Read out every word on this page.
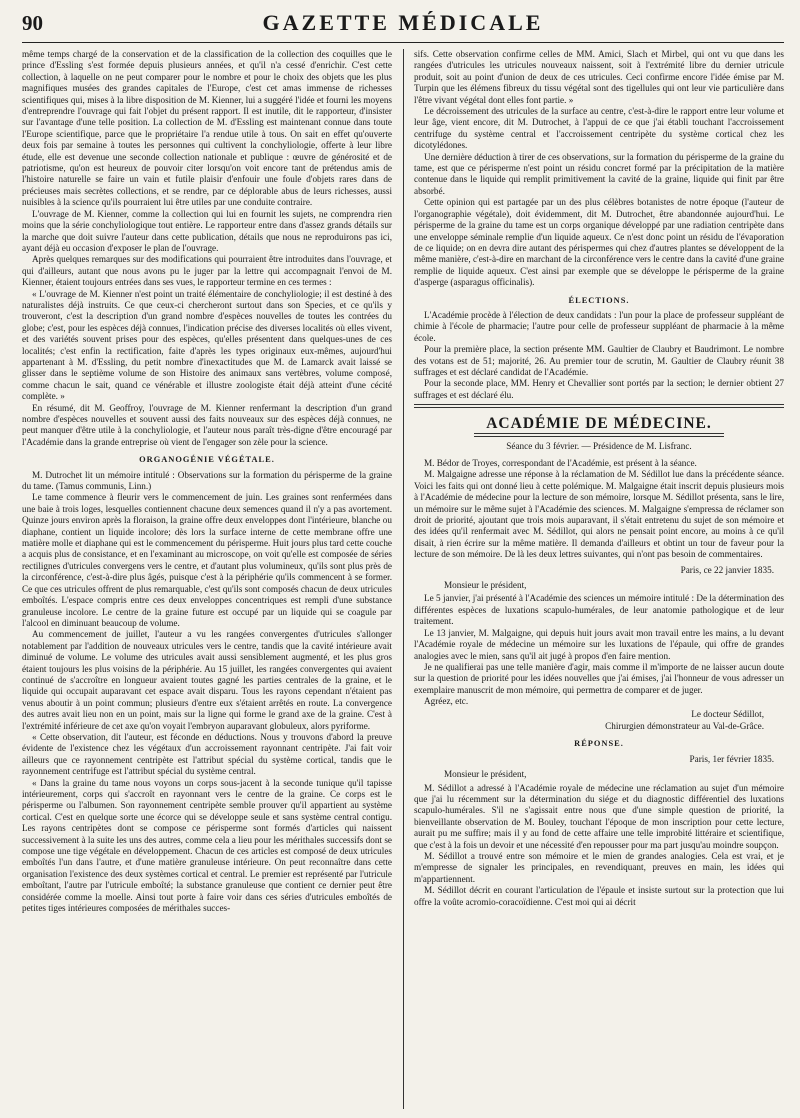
90	GAZETTE MÉDICALE

même temps chargé de la conservation et de la classification de la collection des coquilles que le prince d'Essling s'est formée depuis plusieurs années, et qu'il n'a cessé d'enrichir. C'est cette collection, à laquelle on ne peut comparer pour le nombre et pour le choix des objets que les plus magnifiques musées des grandes capitales de l'Europe, c'est cet amas immense de richesses scientifiques qui, mises à la libre disposition de M. Kienner, lui a suggéré l'idée et fourni les moyens d'entreprendre l'ouvrage qui fait l'objet du présent rapport. Il est inutile, dit le rapporteur, d'insister sur l'avantage d'une telle position. La collection de M. d'Essling est maintenant connue dans toute l'Europe scientifique, parce que le propriétaire l'a rendue utile à tous. On sait en effet qu'ouverte deux fois par semaine à toutes les personnes qui cultivent la conchyliologie, offerte à leur libre étude, elle est devenue une seconde collection nationale et publique : œuvre de générosité et de patriotisme, qu'on est heureux de pouvoir citer lorsqu'on voit encore tant de prétendus amis de l'histoire naturelle se faire un vain et futile plaisir d'enfouir une foule d'objets rares dans de précieuses mais secrètes collections, et se rendre, par ce déplorable abus de leurs richesses, aussi nuisibles à la science qu'ils pourraient lui être utiles par une conduite contraire.

L'ouvrage de M. Kienner, comme la collection qui lui en fournit les sujets, ne comprendra rien moins que la série conchyliologique tout entière. Le rapporteur entre dans d'assez grands détails sur la marche que doit suivre l'auteur dans cette publication, détails que nous ne reproduirons pas ici, ayant déjà eu occasion d'exposer le plan de l'ouvrage.

Après quelques remarques sur des modifications qui pourraient être introduites dans l'ouvrage, et qui d'ailleurs, autant que nous avons pu le juger par la lettre qui accompagnait l'envoi de M. Kienner, étaient toujours entrées dans ses vues, le rapporteur termine en ces termes :

« L'ouvrage de M. Kienner n'est point un traité élémentaire de conchyliologie; il est destiné à des naturalistes déjà instruits. Ce que ceux-ci chercheront surtout dans son Species, et ce qu'ils y trouveront, c'est la description d'un grand nombre d'espèces nouvelles de toutes les contrées du globe; c'est, pour les espèces déjà connues, l'indication précise des diverses localités où elles vivent, et des variétés souvent prises pour des espèces, qu'elles présentent dans quelques-unes de ces localités; c'est enfin la rectification, faite d'après les types originaux eux-mêmes, aujourd'hui appartenant à M. d'Essling, du petit nombre d'inexactitudes que M. de Lamarck avait laissé se glisser dans le septième volume de son Histoire des animaux sans vertèbres, volume composé, comme chacun le sait, quand ce vénérable et illustre zoologiste était déjà atteint d'une cécité complète. »

En résumé, dit M. Geoffroy, l'ouvrage de M. Kienner renfermant la description d'un grand nombre d'espèces nouvelles et souvent aussi des faits nouveaux sur des espèces déjà connues, ne peut manquer d'être utile à la conchyliologie, et l'auteur nous paraît très-digne d'être encouragé par l'Académie dans la grande entreprise où vient de l'engager son zèle pour la science.

ORGANOGÉNIE VÉGÉTALE.

M. Dutrochet lit un mémoire intitulé : Observations sur la formation du périsperme de la graine du tame. (Tamus communis, Linn.)

Le tame commence à fleurir vers le commencement de juin. Les graines sont renfermées dans une baie à trois loges, lesquelles contiennent chacune deux semences quand il n'y a pas avortement. Quinze jours environ après la floraison, la graine offre deux enveloppes dont l'intérieure, blanche ou diaphane, contient un liquide incolore; dès lors la surface interne de cette membrane offre une matière molle et diaphane qui est le commencement du périsperme. Huit jours plus tard cette couche a acquis plus de consistance, et en l'examinant au microscope, on voit qu'elle est composée de séries rectilignes d'utricules convergens vers le centre, et d'autant plus volumineux, qu'ils sont plus près de la circonférence, c'est-à-dire plus âgés, puisque c'est à la périphérie qu'ils commencent à se former. Ce que ces utricules offrent de plus remarquable, c'est qu'ils sont composés chacun de deux utricules emboîtés. L'espace compris entre ces deux enveloppes concentriques est rempli d'une substance granuleuse incolore. Le centre de la graine future est occupé par un liquide qui se coagule par l'alcool en diminuant beaucoup de volume.

Au commencement de juillet, l'auteur a vu les rangées convergentes d'utricules s'allonger notablement par l'addition de nouveaux utricules vers le centre, tandis que la cavité intérieure avait diminué de volume. Le volume des utricules avait aussi sensiblement augmenté, et les plus gros étaient toujours les plus voisins de la périphérie. Au 15 juillet, les rangées convergentes qui avaient continué de s'accroître en longueur avaient toutes gagné les parties centrales de la graine, et le liquide qui occupait auparavant cet espace avait disparu. Tous les rayons cependant n'étaient pas venus aboutir à un point commun; plusieurs d'entre eux s'étaient arrêtés en route. La convergence des autres avait lieu non en un point, mais sur la ligne qui forme le grand axe de la graine. C'est à l'extrémité inférieure de cet axe qu'on voyait l'embryon auparavant globuleux, alors pyriforme.

« Cette observation, dit l'auteur, est féconde en déductions. Nous y trouvons d'abord la preuve évidente de l'existence chez les végétaux d'un accroissement rayonnant centripète. J'ai fait voir ailleurs que ce rayonnement centripète est l'attribut spécial du système cortical, tandis que le rayonnement centrifuge est l'attribut spécial du système central.

« Dans la graine du tame nous voyons un corps sous-jacent à la seconde tunique qu'il tapisse intérieurement, corps qui s'accroît en rayonnant vers le centre de la graine. Ce corps est le périsperme ou l'albumen. Son rayonnement centripète semble prouver qu'il appartient au système cortical. C'est en quelque sorte une écorce qui se développe seule et sans système central contigu. Les rayons centripètes dont se compose ce périsperme sont formés d'articles qui naissent successivement à la suite les uns des autres, comme cela a lieu pour les mérithales successifs dont se compose une tige végétale en développement. Chacun de ces articles est composé de deux utricules emboîtés l'un dans l'autre, et d'une matière granuleuse intérieure. On peut reconnaître dans cette organisation l'existence des deux systèmes cortical et central. Le premier est représenté par l'utricule emboîtant, l'autre par l'utricule emboîté; la substance granuleuse que contient ce dernier peut être considérée comme la moelle. Ainsi tout porte à faire voir dans ces séries d'utricules emboîtés de petites tiges intérieures composées de mérithales succes-

sifs. Cette observation confirme celles de MM. Amici, Slach et Mirbel, qui ont vu que dans les rangées d'utricules les utricules nouveaux naissent, soit à l'extrémité libre du dernier utricule produit, soit au point d'union de deux de ces utricules. Ceci confirme encore l'idée émise par M. Turpin que les élémens fibreux du tissu végétal sont des tigellules qui ont leur vie particulière dans l'être vivant végétal dont elles font partie. »

Le décroissement des utricules de la surface au centre, c'est-à-dire le rapport entre leur volume et leur âge, vient encore, dit M. Dutrochet, à l'appui de ce que j'ai établi touchant l'accroissement centrifuge du système central et l'accroissement centripète du système cortical chez les dicotylédones.

Une dernière déduction à tirer de ces observations, sur la formation du périsperme de la graine du tame, est que ce périsperme n'est point un résidu concret formé par la précipitation de la matière contenue dans le liquide qui remplit primitivement la cavité de la graine, liquide qui finit par être absorbé.

Cette opinion qui est partagée par un des plus célèbres botanistes de notre époque (l'auteur de l'organographie végétale), doit évidemment, dit M. Dutrochet, être abandonnée aujourd'hui. Le périsperme de la graine du tame est un corps organique développé par une radiation centripète dans une enveloppe séminale remplie d'un liquide aqueux. Ce n'est donc point un résidu de l'évaporation de ce liquide; on en devra dire autant des périspermes qui chez d'autres plantes se développent de la même manière, c'est-à-dire en marchant de la circonférence vers le centre dans la cavité d'une graine remplie de liquide aqueux. C'est ainsi par exemple que se développe le périsperme de la graine d'asperge (asparagus officinalis).

ÉLECTIONS.

L'Académie procède à l'élection de deux candidats : l'un pour la place de professeur suppléant de chimie à l'école de pharmacie; l'autre pour celle de professeur suppléant de pharmacie à la même école.

Pour la première place, la section présente MM. Gaultier de Claubry et Baudrimont. Le nombre des votans est de 51; majorité, 26. Au premier tour de scrutin, M. Gaultier de Claubry réunit 38 suffrages et est déclaré candidat de l'Académie.

Pour la seconde place, MM. Henry et Chevallier sont portés par la section; le dernier obtient 27 suffrages et est déclaré élu.

ACADÉMIE DE MÉDECINE.
Séance du 3 février. — Présidence de M. Lisfranc.

M. Bédor de Troyes, correspondant de l'Académie, est présent à la séance.

M. Malgaigne adresse une réponse à la réclamation de M. Sédillot lue dans la précédente séance. Voici les faits qui ont donné lieu à cette polémique. M. Malgaigne était inscrit depuis plusieurs mois à l'Académie de médecine pour la lecture de son mémoire, lorsque M. Sédillot présenta, sans le lire, un mémoire sur le même sujet à l'Académie des sciences. M. Malgaigne s'empressa de réclamer son droit de priorité, ajoutant que trois mois auparavant, il s'était entretenu du sujet de son mémoire et des idées qu'il renfermait avec M. Sédillot, qui alors ne pensait point encore, au moins à ce qu'il disait, à rien écrire sur la même matière. Il demanda d'ailleurs et obtint un tour de faveur pour la lecture de son mémoire. De là les deux lettres suivantes, qui n'ont pas besoin de commentaires.

Paris, ce 22 janvier 1835.

Monsieur le président,

Le 5 janvier, j'ai présenté à l'Académie des sciences un mémoire intitulé : De la détermination des différentes espèces de luxations scapulo-humérales, de leur anatomie pathologique et de leur traitement.

Le 13 janvier, M. Malgaigne, qui depuis huit jours avait mon travail entre les mains, a lu devant l'Académie royale de médecine un mémoire sur les luxations de l'épaule, qui offre de grandes analogies avec le mien, sans qu'il ait jugé à propos d'en faire mention.

Je ne qualifierai pas une telle manière d'agir, mais comme il m'importe de ne laisser aucun doute sur la question de priorité pour les idées nouvelles que j'ai émises, j'ai l'honneur de vous adresser un exemplaire manuscrit de mon mémoire, qui permettra de comparer et de juger.

Agréez, etc.

Le docteur Sédillot,
Chirurgien démonstrateur au Val-de-Grâce.
RÉPONSE.
Paris, 1er février 1835.

Monsieur le président,

M. Sédillot a adressé à l'Académie royale de médecine une réclamation au sujet d'un mémoire que j'ai lu récemment sur la détermination du siége et du diagnostic différentiel des luxations scapulo-humérales. S'il ne s'agissait entre nous que d'une simple question de priorité, la bienveillante observation de M. Bouley, touchant l'époque de mon inscription pour cette lecture, aurait pu me suffire; mais il y au fond de cette affaire une telle improbité littéraire et scientifique, que c'est à la fois un devoir et une nécessité d'en repousser pour ma part jusqu'au moindre soupçon.

M. Sédillot a trouvé entre son mémoire et le mien de grandes analogies. Cela est vrai, et je m'empresse de signaler les principales, en revendiquant, preuves en main, les idées qui m'appartiennent.

M. Sédillot décrit en courant l'articulation de l'épaule et insiste surtout sur la protection que lui offre la voûte acromio-coracoïdienne. C'est moi qui ai décrit
